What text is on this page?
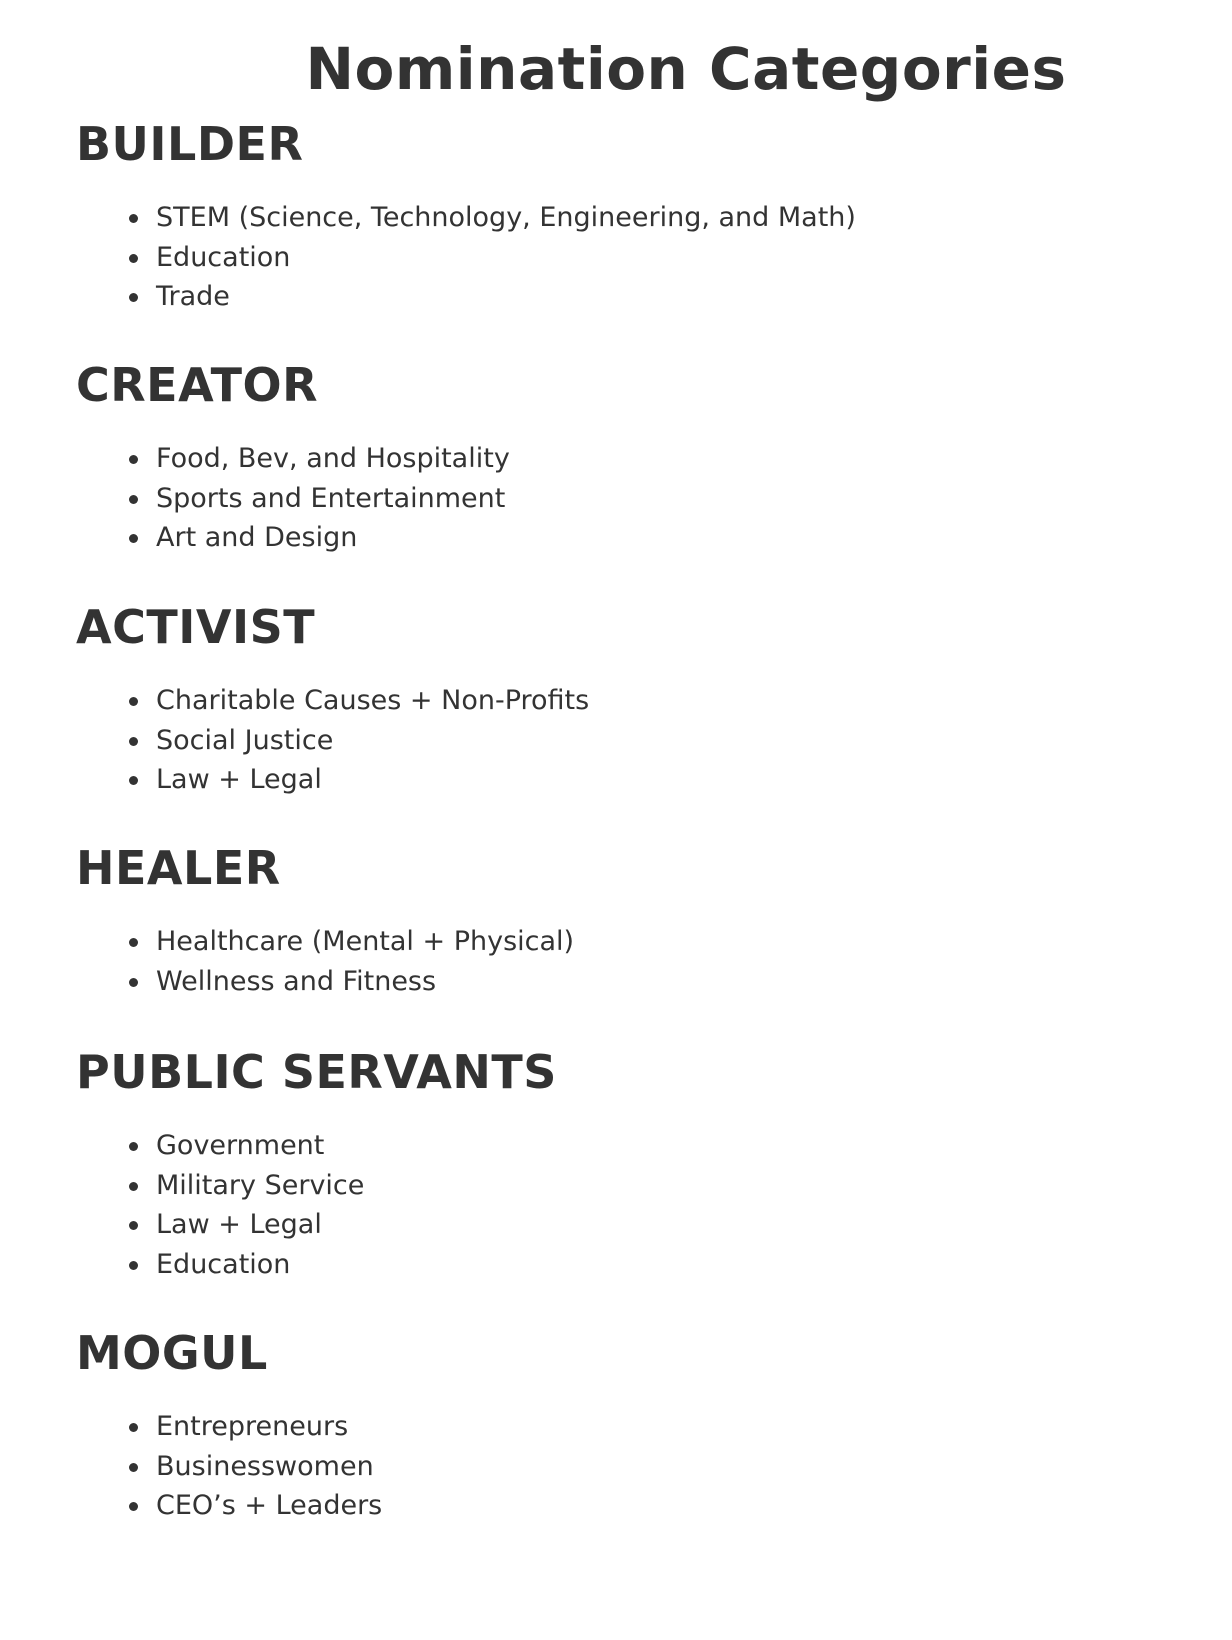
Nomination Categories
BUILDER
STEM (Science, Technology, Engineering, and Math)
Education
Trade
CREATOR
Food, Bev, and Hospitality
Sports and Entertainment
Art and Design
ACTIVIST
Charitable Causes + Non-Profits
Social Justice
Law + Legal
HEALER
Healthcare (Mental + Physical)
Wellness and Fitness
PUBLIC SERVANTS
Government
Military Service
Law + Legal
Education
MOGUL
Entrepreneurs
Businesswomen
CEO’s + Leaders
